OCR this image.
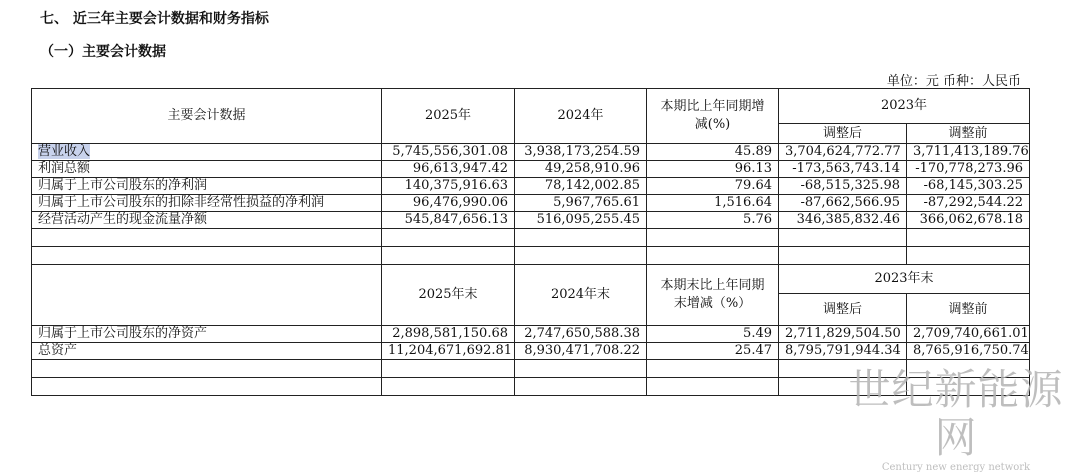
七、 近三年主要会计数据和财务指标
（一）主要会计数据
单位：元 币种：人民币
主要会计数据	2025年	2024年	本期比上年同期增减(%)	2023年	
				调整后	调整前
营业收入	5,745,556,301.08	3,938,173,254.59	45.89	3,704,624,772.77	3,711,413,189.76
利润总额	96,613,947.42	49,258,910.96	96.13	-173,563,743.14	-170,778,273.96
归属于上市公司股东的净利润	140,375,916.63	78,142,002.85	79.64	-68,515,325.98	-68,145,303.25
归属于上市公司股东的扣除非经常性损益的净利润	96,476,990.06	5,967,765.61	1,516.64	-87,662,566.95	-87,292,544.22
经营活动产生的现金流量净额	545,847,656.13	516,095,255.45	5.76	346,385,832.46	366,062,678.18

	2025年末	2024年末	本期末比上年同期末增减（%）	2023年末	
				调整后	调整前
归属于上市公司股东的净资产	2,898,581,150.68	2,747,650,588.38	5.49	2,711,829,504.50	2,709,740,661.01
总资产	11,204,671,692.81	8,930,471,708.22	25.47	8,795,791,944.34	8,765,916,750.74

世纪新能源网
Century new energy network
